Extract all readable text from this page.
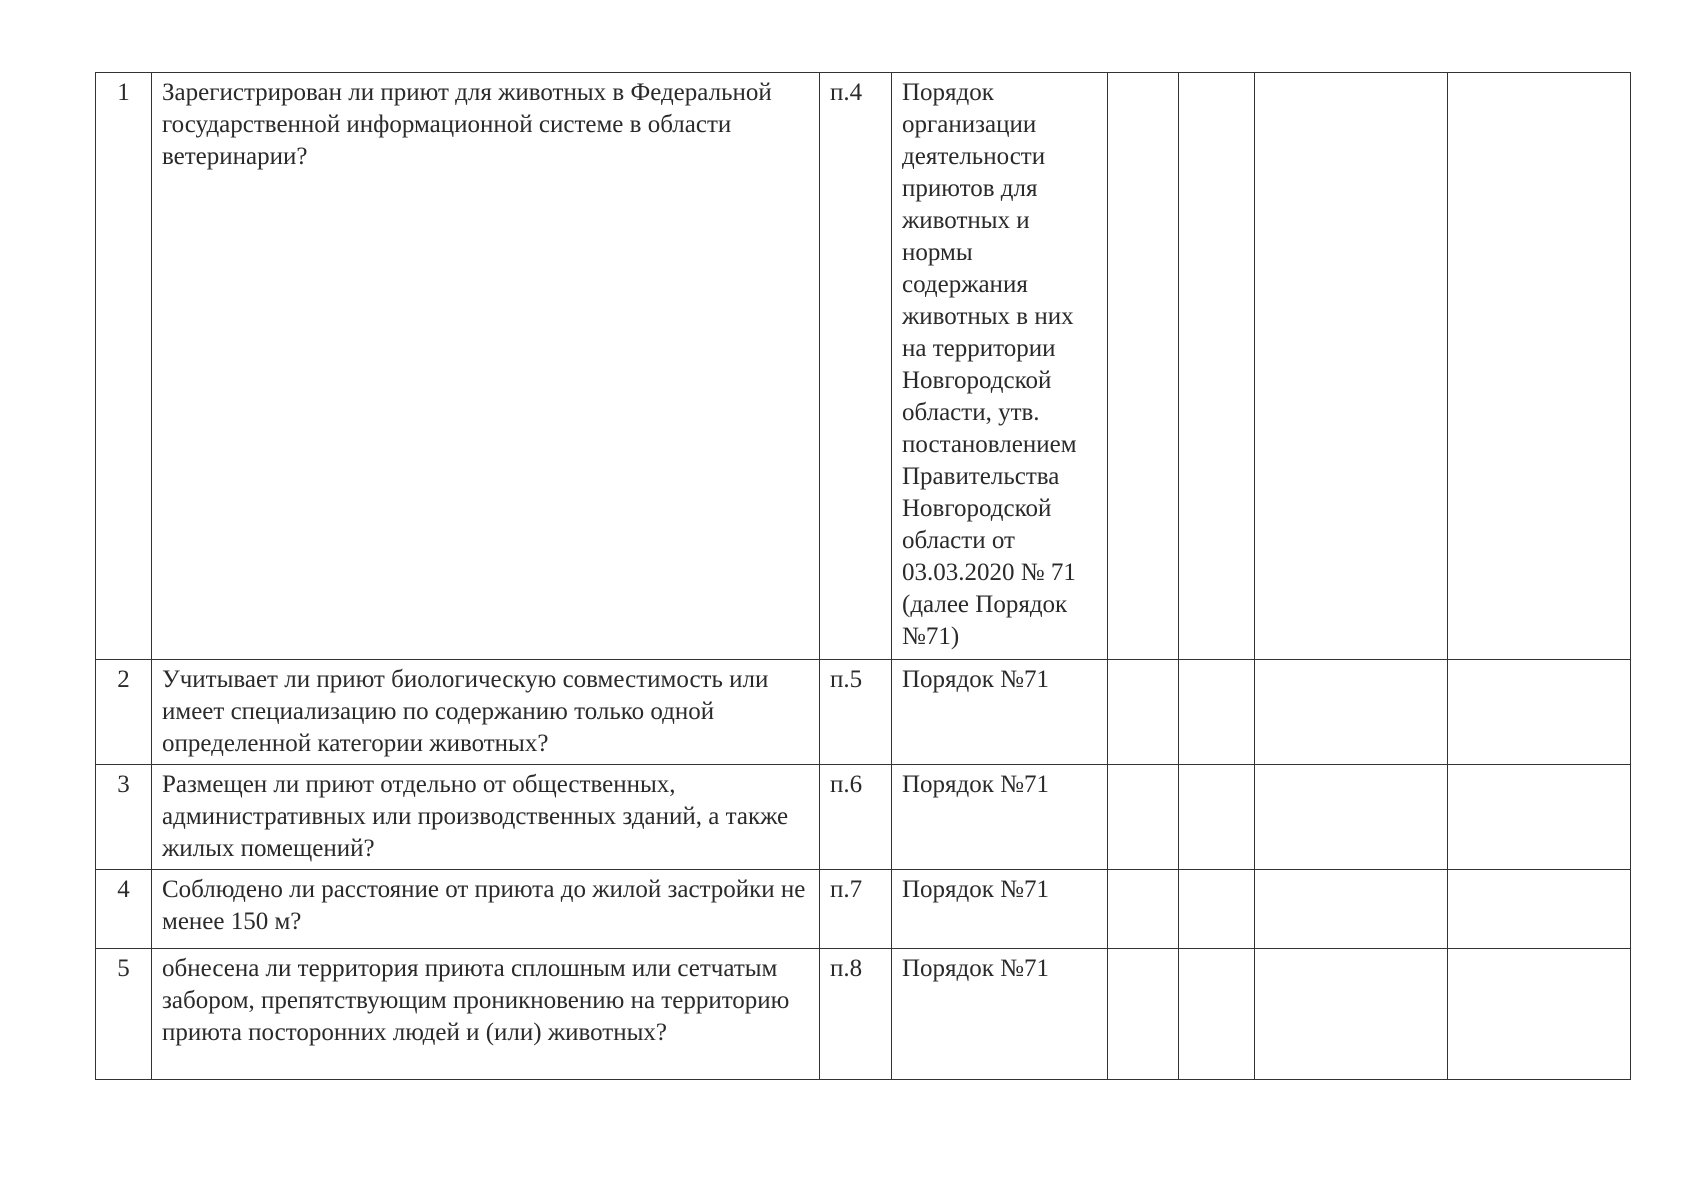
1	Зарегистрирован ли приют для животных в Федеральной государственной информационной системе в области ветеринарии?	п.4	Порядок организации деятельности приютов для животных и нормы содержания животных в них на территории Новгородской области, утв. постановлением Правительства Новгородской области от 03.03.2020 № 71 (далее Порядок №71)				
2	Учитывает ли приют биологическую совместимость или имеет специализацию по содержанию только одной определенной категории животных?	п.5	Порядок №71				
3	Размещен ли приют отдельно от общественных, административных или производственных зданий, а также жилых помещений?	п.6	Порядок №71				
4	Соблюдено ли расстояние от приюта до жилой застройки не менее 150 м?	п.7	Порядок №71				
5	обнесена ли территория приюта сплошным или сетчатым забором, препятствующим проникновению на территорию приюта посторонних людей и (или) животных?	п.8	Порядок №71				
